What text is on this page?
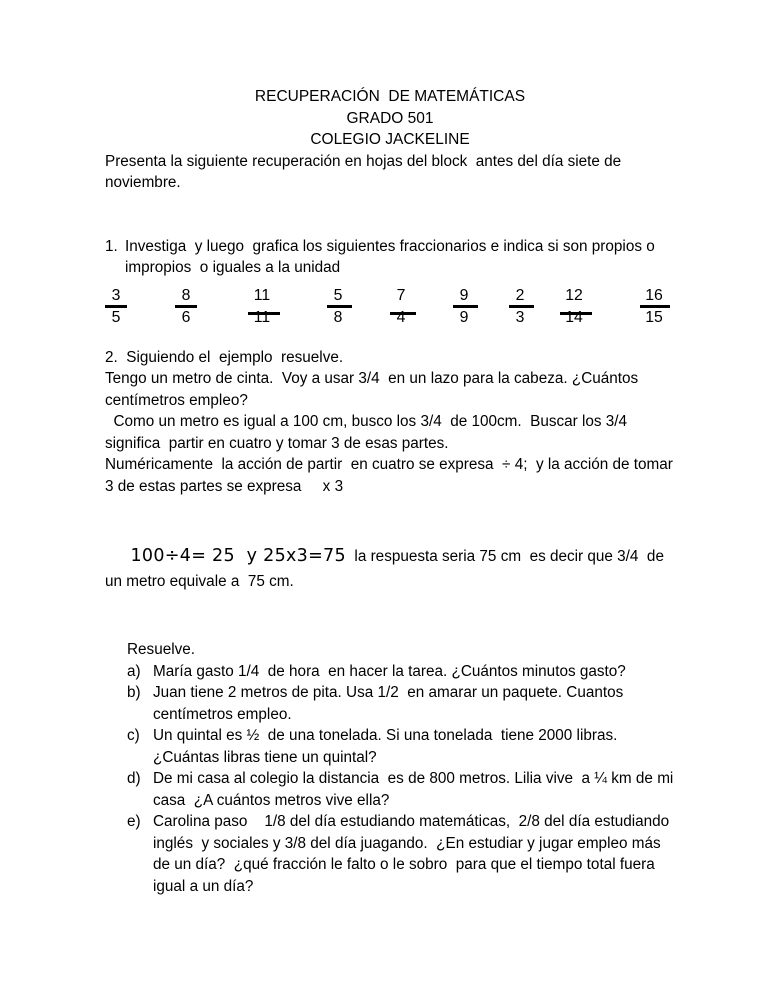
RECUPERACIÓN  DE MATEMÁTICAS
GRADO 501
COLEGIO JACKELINE
Presenta la siguiente recuperación en hojas del block  antes del día siete de noviembre.
1. Investiga  y luego  grafica los siguientes fraccionarios e indica si son propios o impropios  o iguales a la unidad
3
5
8
6
11
11
5
8
7
4
9
9
2
3
12
14
16
15
2.  Siguiendo el  ejemplo  resuelve.
Tengo un metro de cinta.  Voy a usar 3/4  en un lazo para la cabeza. ¿Cuántos centímetros empleo?
Como un metro es igual a 100 cm, busco los 3/4  de 100cm.  Buscar los 3/4 significa  partir en cuatro y tomar 3 de esas partes.
Numéricamente  la acción de partir  en cuatro se expresa  ÷ 4;  y la acción de tomar 3 de estas partes se expresa     x 3

100÷4= 25  y 25x3=75  la respuesta seria 75 cm  es decir que 3/4  de un metro equivale a  75 cm.

Resuelve.
a) María gasto 1/4  de hora  en hacer la tarea. ¿Cuántos minutos gasto?
b) Juan tiene 2 metros de pita. Usa 1/2  en amarar un paquete. Cuantos centímetros empleo.
c) Un quintal es ½  de una tonelada. Si una tonelada  tiene 2000 libras. ¿Cuántas libras tiene un quintal?
d) De mi casa al colegio la distancia  es de 800 metros. Lilia vive  a ¼ km de mi casa  ¿A cuántos metros vive ella?
e) Carolina paso    1/8 del día estudiando matemáticas,  2/8 del día estudiando inglés  y sociales y 3/8 del día juagando.  ¿En estudiar y jugar empleo más de un día?  ¿qué fracción le falto o le sobro  para que el tiempo total fuera igual a un día?
